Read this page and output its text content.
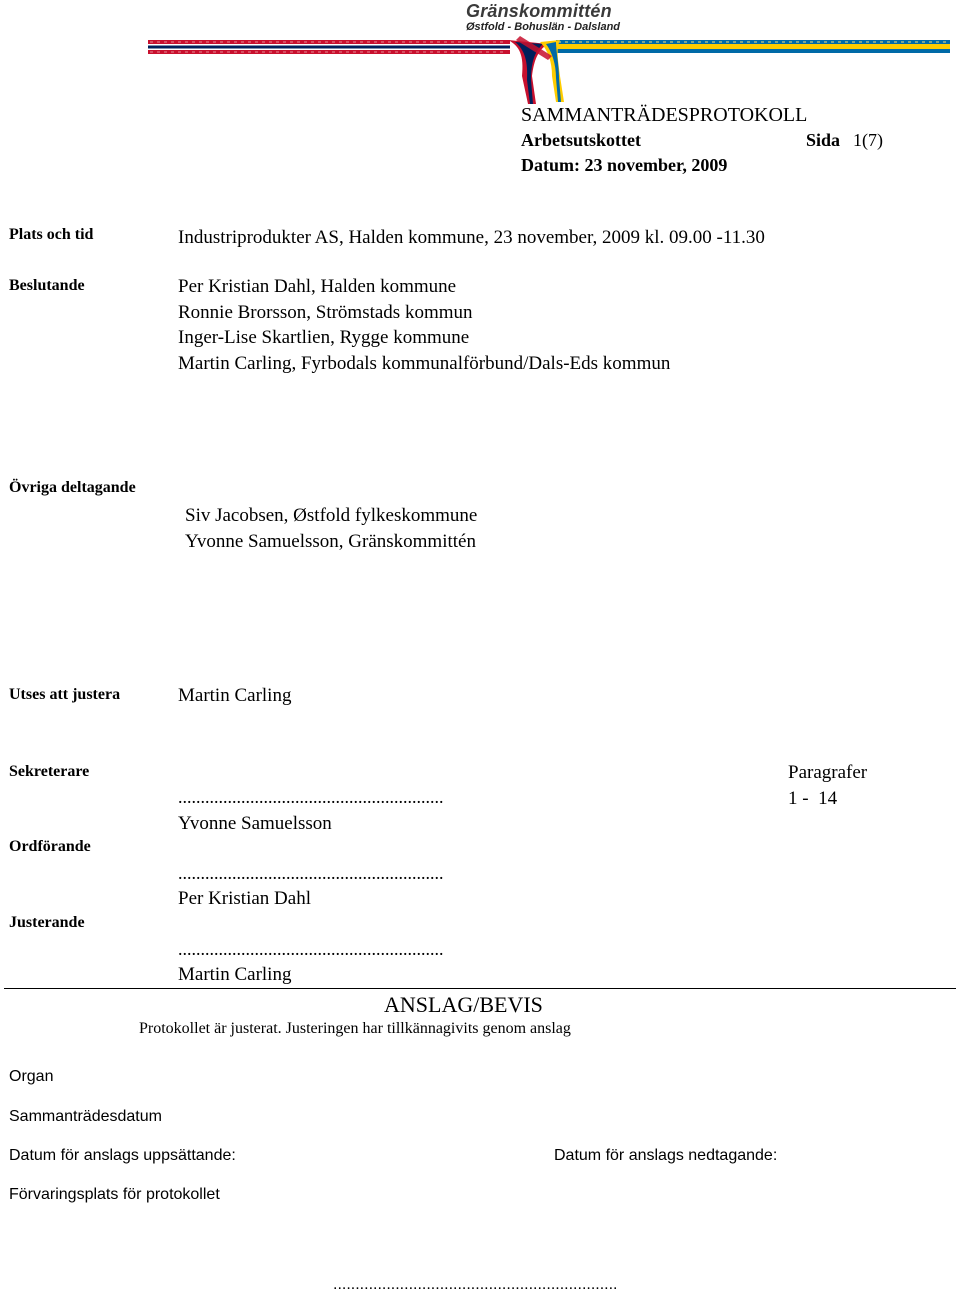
Gränskommittén
Østfold - Bohuslän - Dalsland
SAMMANTRÄDESPROTOKOLL
Arbetsutskottet	Sida 1(7)
Datum: 23 november, 2009
Plats och tid	Industriprodukter AS, Halden kommune, 23 november, 2009 kl. 09.00 -11.30
Beslutande	Per Kristian Dahl, Halden kommune
Ronnie Brorsson, Strömstads kommun
Inger-Lise Skartlien, Rygge kommune
Martin Carling, Fyrbodals kommunalförbund/Dals-Eds kommun
Övriga deltagande
Siv Jacobsen, Østfold fylkeskommune
Yvonne Samuelsson, Gränskommittén
Utses att justera	Martin Carling
Sekreterare
...........................................................
Yvonne Samuelsson
Ordförande
...........................................................
Per Kristian Dahl
Justerande
...........................................................
Martin Carling
Paragrafer
1 -  14
ANSLAG/BEVIS
Protokollet är justerat. Justeringen har tillkännagivits genom anslag
Organ
Sammanträdesdatum
Datum för anslags uppsättande:	Datum för anslags nedtagande:
Förvaringsplats för protokollet
................................................................
